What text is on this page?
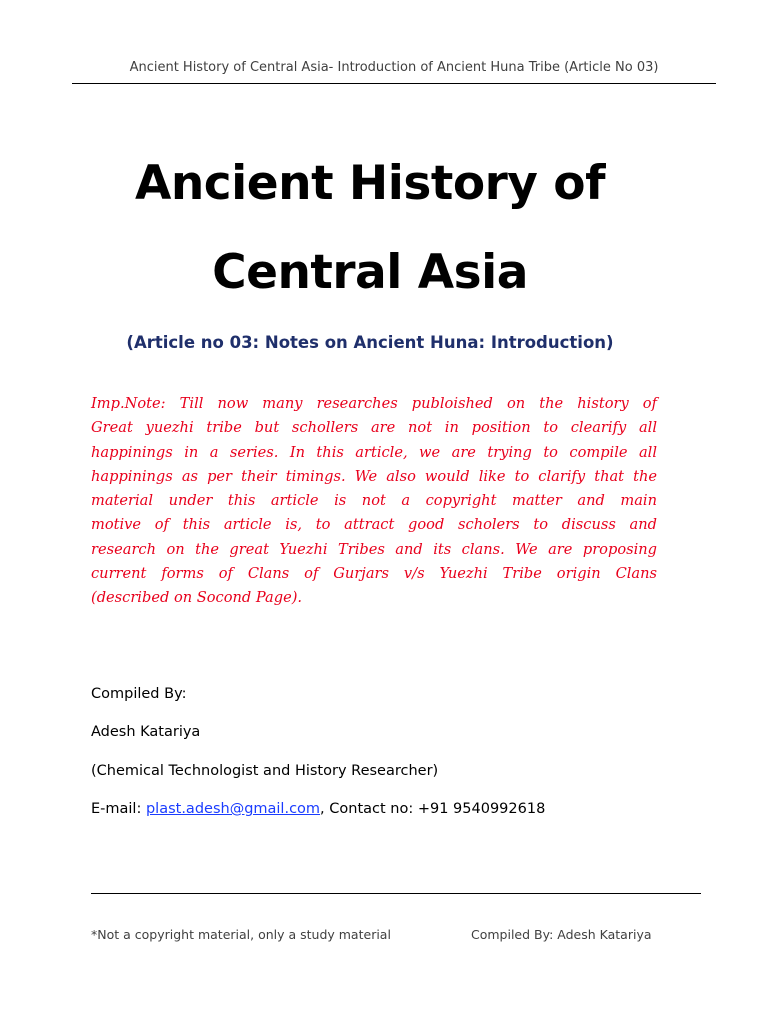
Ancient History of Central Asia- Introduction of Ancient Huna Tribe (Article No 03)
Ancient History of
Central Asia
(Article no 03: Notes on Ancient Huna: Introduction)

Imp.Note: Till now many researches publoished on the history of
Great yuezhi tribe but schollers are not in position to clearify all
happinings in a series. In this article, we are trying to compile all
happinings as per their timings. We also would like to clarify that the
material under this article is not a copyright matter and main
motive of this article is, to attract good scholers to discuss and
research on the great Yuezhi Tribes and its clans. We are proposing
current forms of Clans of Gurjars v/s Yuezhi Tribe origin Clans
(described on Socond Page).

Compiled By:
Adesh Katariya
(Chemical Technologist and History Researcher)
E-mail: plast.adesh@gmail.com, Contact no: +91 9540992618
*Not a copyright material, only a study material	Compiled By: Adesh Katariya
